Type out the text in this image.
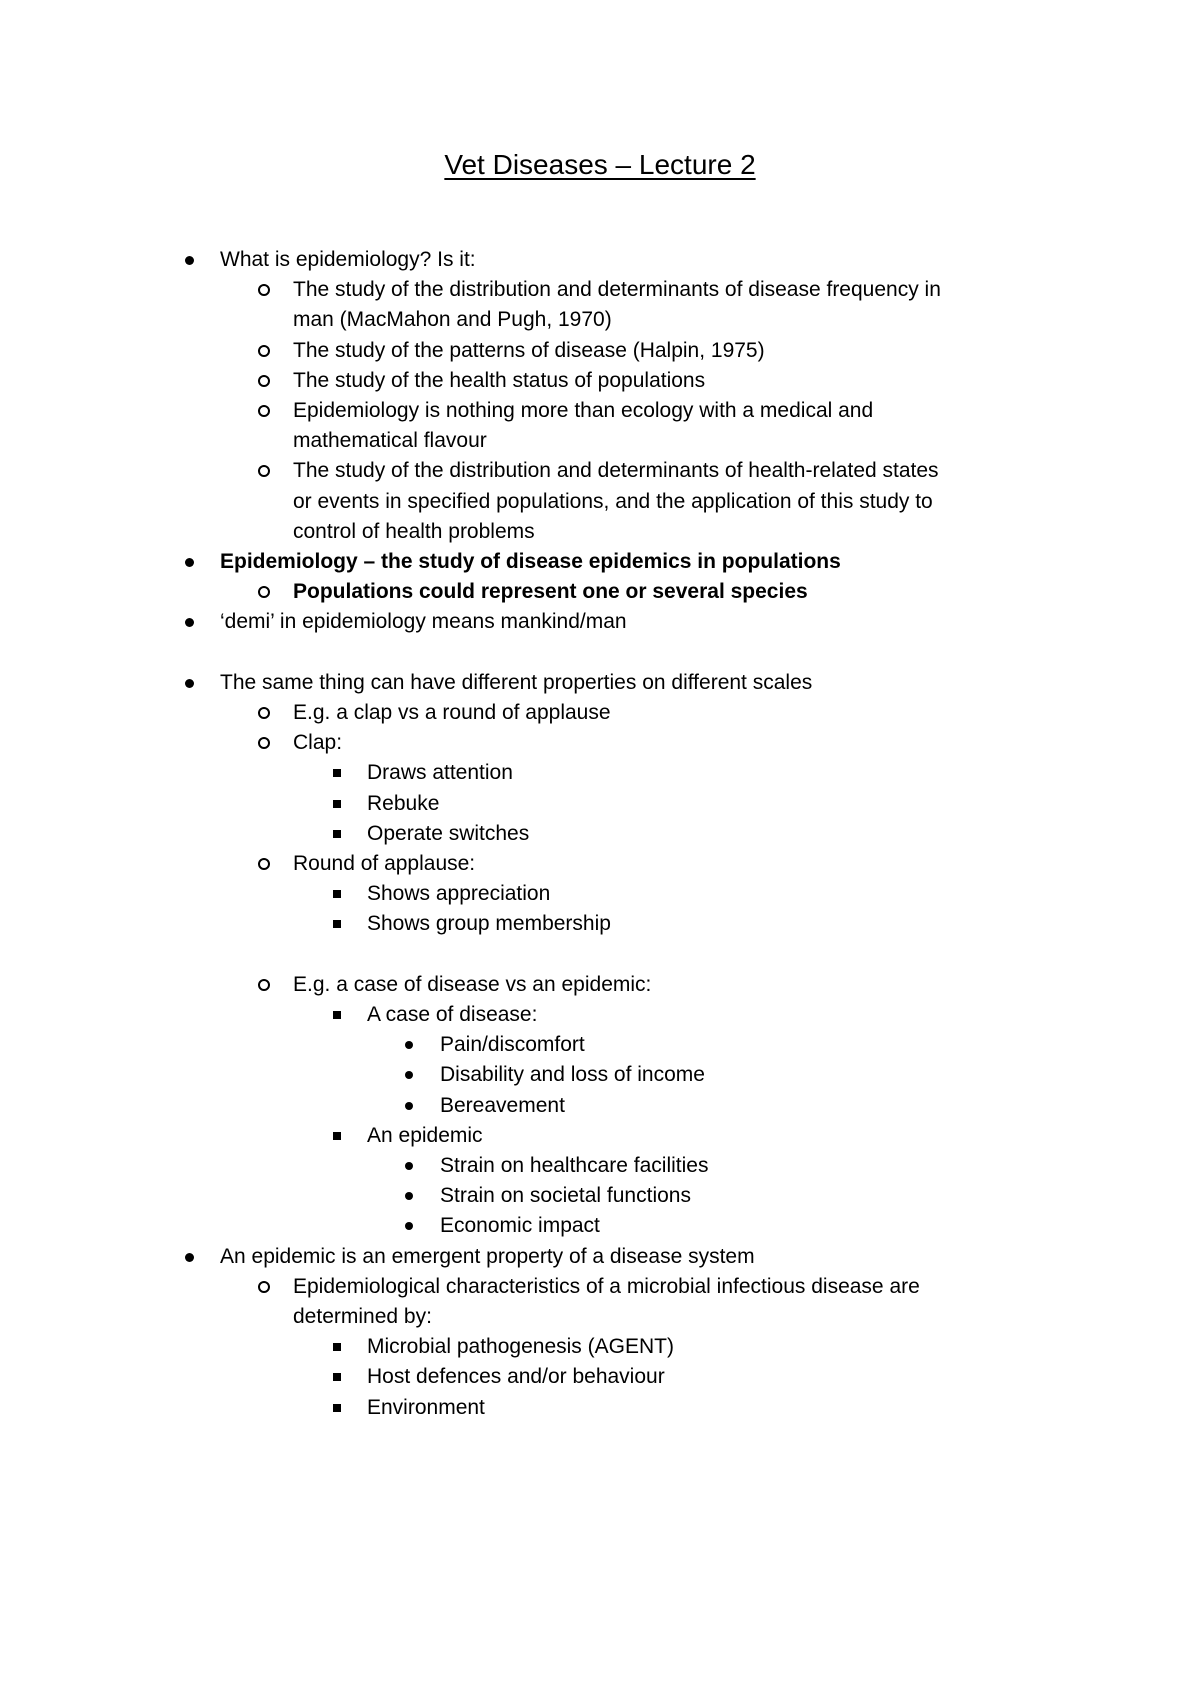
Vet Diseases – Lecture 2
What is epidemiology? Is it:
The study of the distribution and determinants of disease frequency in
man (MacMahon and Pugh, 1970)
The study of the patterns of disease (Halpin, 1975)
The study of the health status of populations
Epidemiology is nothing more than ecology with a medical and
mathematical flavour
The study of the distribution and determinants of health-related states
or events in specified populations, and the application of this study to
control of health problems
Epidemiology – the study of disease epidemics in populations
Populations could represent one or several species
‘demi’ in epidemiology means mankind/man
The same thing can have different properties on different scales
E.g. a clap vs a round of applause
Clap:
Draws attention
Rebuke
Operate switches
Round of applause:
Shows appreciation
Shows group membership
E.g. a case of disease vs an epidemic:
A case of disease:
Pain/discomfort
Disability and loss of income
Bereavement
An epidemic
Strain on healthcare facilities
Strain on societal functions
Economic impact
An epidemic is an emergent property of a disease system
Epidemiological characteristics of a microbial infectious disease are
determined by:
Microbial pathogenesis (AGENT)
Host defences and/or behaviour
Environment
